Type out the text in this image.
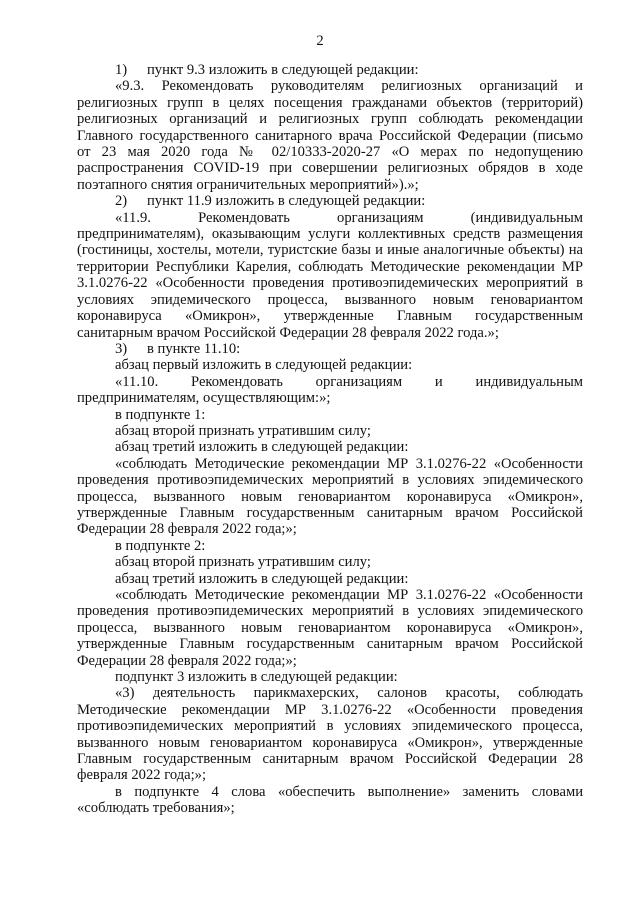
2

1) пункт 9.3 изложить в следующей редакции:

«9.3. Рекомендовать руководителям религиозных организаций и религиозных групп в целях посещения гражданами объектов (территорий) религиозных организаций и религиозных групп соблюдать рекомендации Главного государственного санитарного врача Российской Федерации (письмо от 23 мая 2020 года № 02/10333-2020-27 «О мерах по недопущению распространения COVID-19 при совершении религиозных обрядов в ходе поэтапного снятия ограничительных мероприятий»).»;

2) пункт 11.9 изложить в следующей редакции:

«11.9. Рекомендовать организациям (индивидуальным предпринимателям), оказывающим услуги коллективных средств размещения (гостиницы, хостелы, мотели, туристские базы и иные аналогичные объекты) на территории Республики Карелия, соблюдать Методические рекомендации МР 3.1.0276-22 «Особенности проведения противоэпидемических мероприятий в условиях эпидемического процесса, вызванного новым геновариантом коронавируса «Омикрон», утвержденные Главным государственным санитарным врачом Российской Федерации 28 февраля 2022 года.»;

3) в пункте 11.10:

абзац первый изложить в следующей редакции:

«11.10. Рекомендовать организациям и индивидуальным предпринимателям, осуществляющим:»;

в подпункте 1:

абзац второй признать утратившим силу;

абзац третий изложить в следующей редакции:

«соблюдать Методические рекомендации МР 3.1.0276-22 «Особенности проведения противоэпидемических мероприятий в условиях эпидемического процесса, вызванного новым геновариантом коронавируса «Омикрон», утвержденные Главным государственным санитарным врачом Российской Федерации 28 февраля 2022 года;»;

в подпункте 2:

абзац второй признать утратившим силу;

абзац третий изложить в следующей редакции:

«соблюдать Методические рекомендации МР 3.1.0276-22 «Особенности проведения противоэпидемических мероприятий в условиях эпидемического процесса, вызванного новым геновариантом коронавируса «Омикрон», утвержденные Главным государственным санитарным врачом Российской Федерации 28 февраля 2022 года;»;

подпункт 3 изложить в следующей редакции:

«3) деятельность парикмахерских, салонов красоты, соблюдать Методические рекомендации МР 3.1.0276-22 «Особенности проведения противоэпидемических мероприятий в условиях эпидемического процесса, вызванного новым геновариантом коронавируса «Омикрон», утвержденные Главным государственным санитарным врачом Российской Федерации 28 февраля 2022 года;»;

в подпункте 4 слова «обеспечить выполнение» заменить словами «соблюдать требования»;
